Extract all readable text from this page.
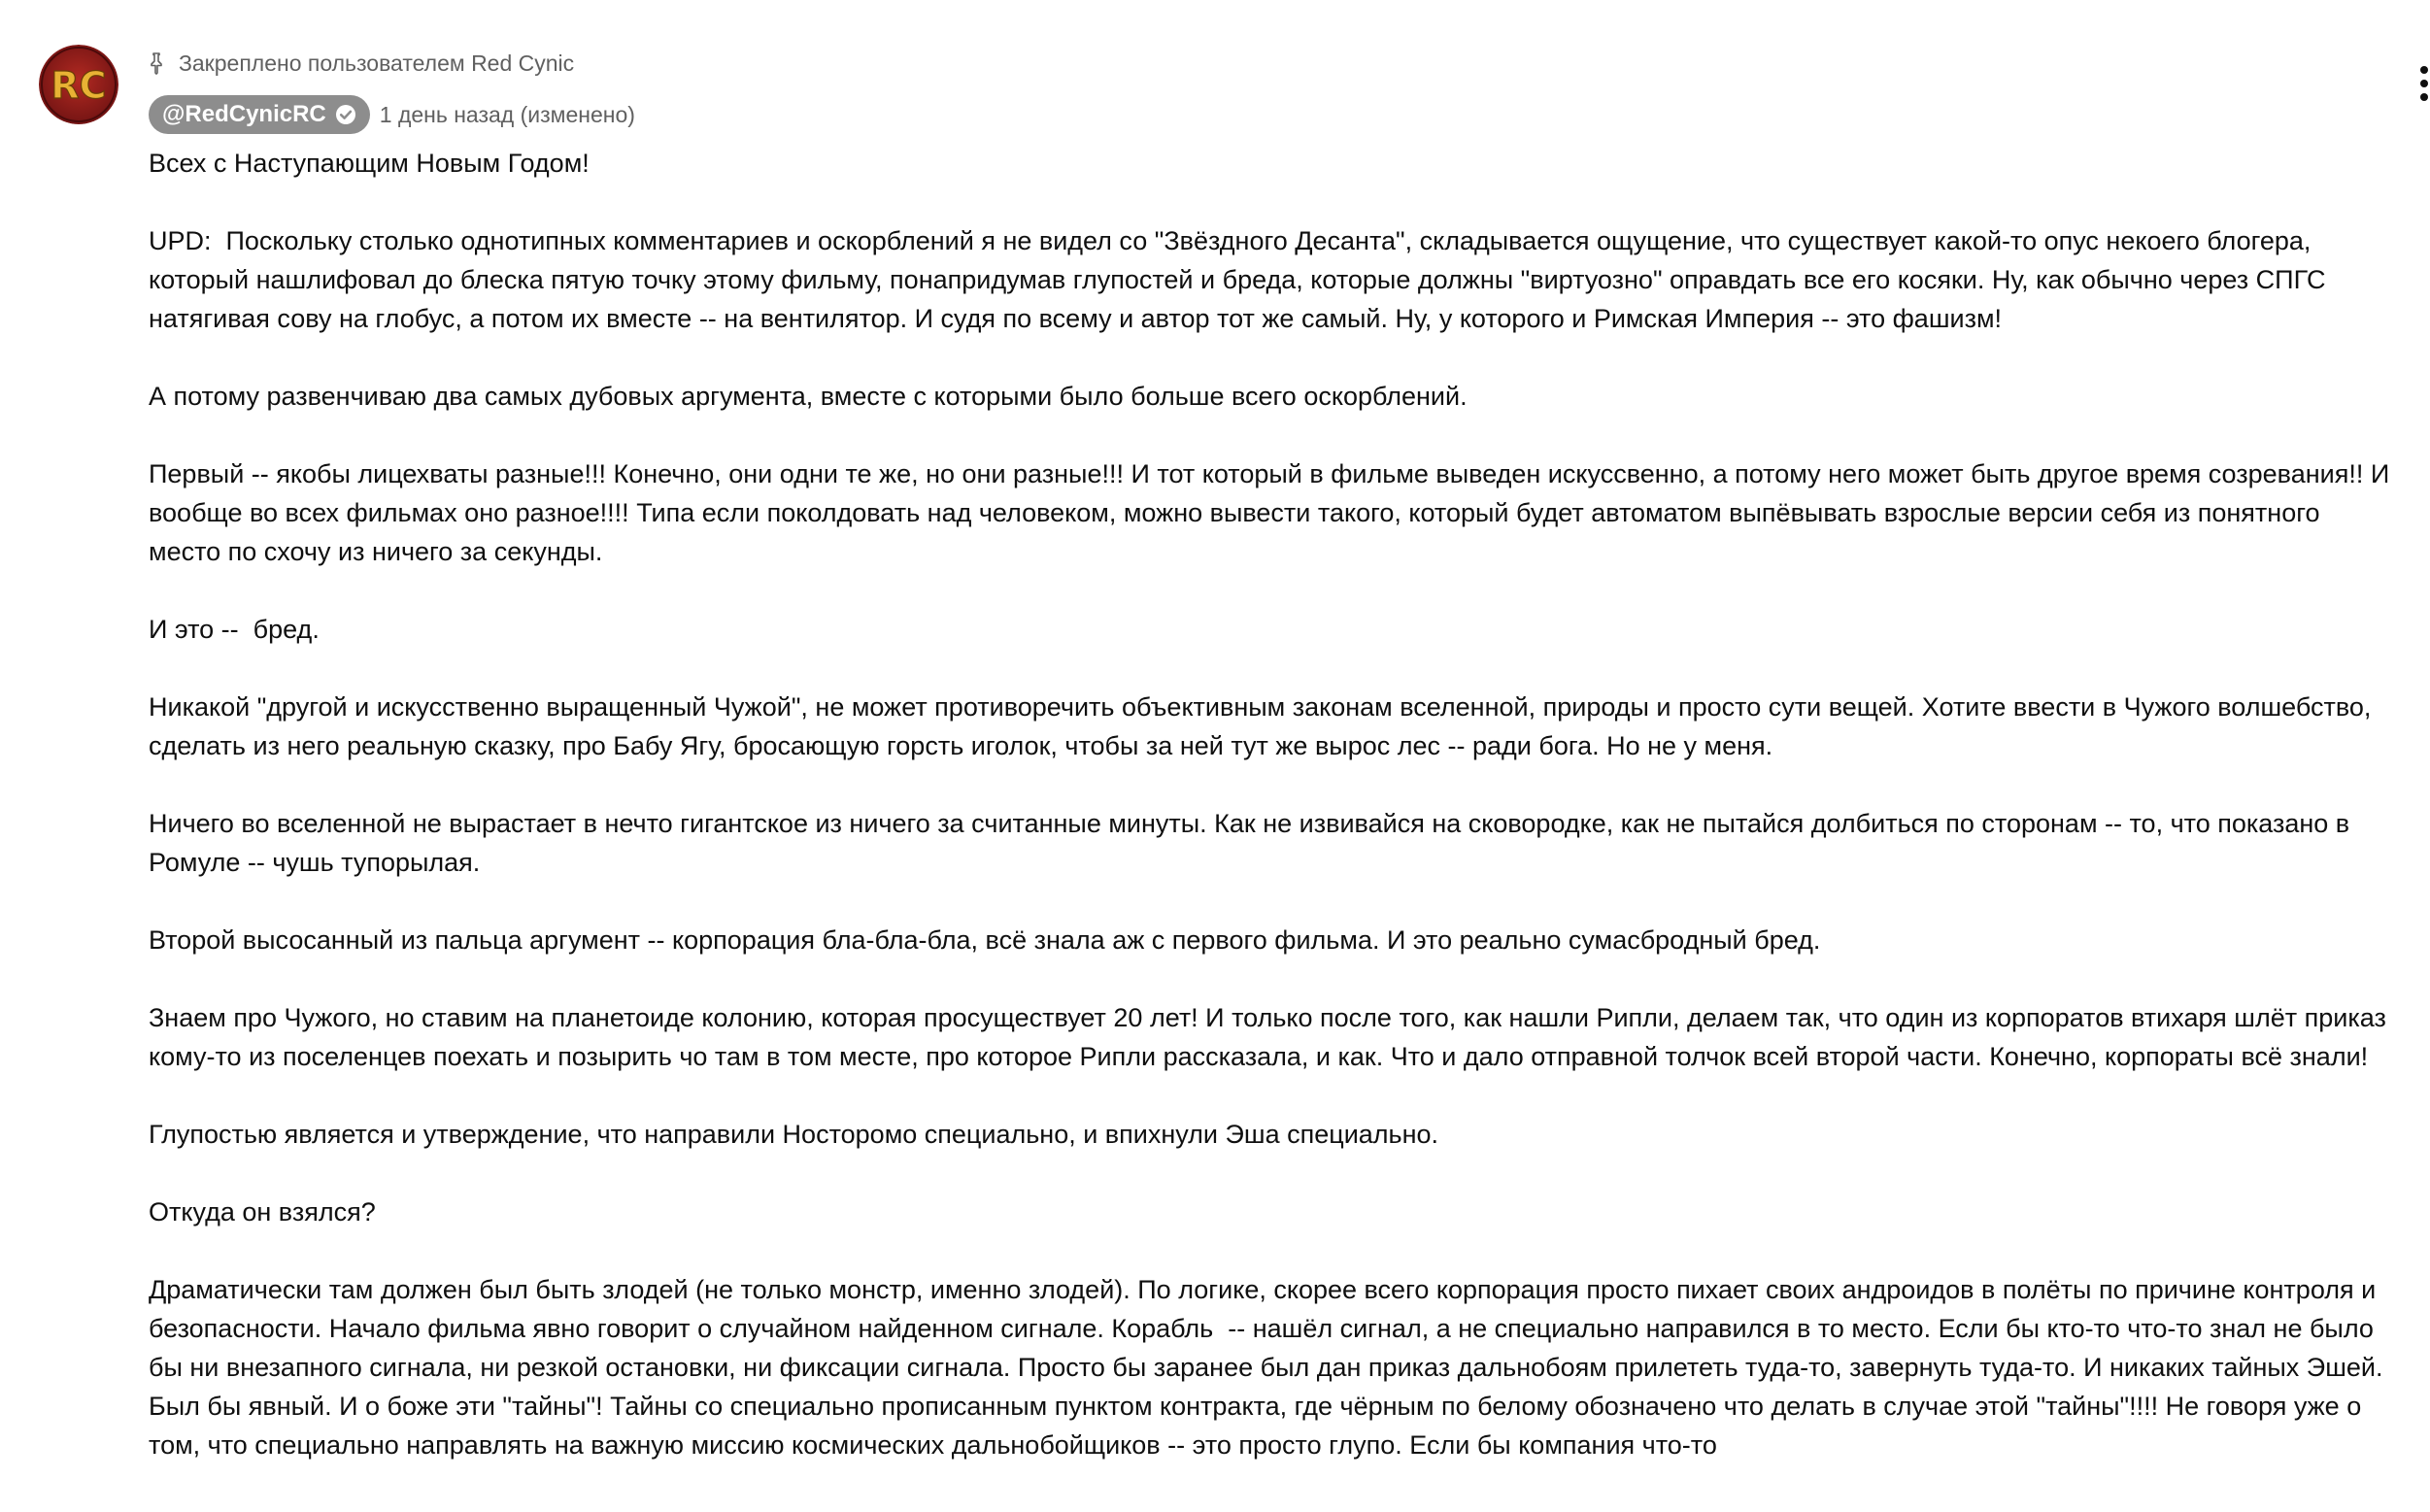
RC
Закреплено пользователем Red Cynic
@RedCynicRC 1 день назад (изменено)

Всех с Наступающим Новым Годом!

UPD:  Поскольку столько однотипных комментариев и оскорблений я не видел со "Звёздного Десанта", складывается ощущение, что существует какой-то опус некоего блогера, который нашлифовал до блеска пятую точку этому фильму, понапридумав глупостей и бреда, которые должны "виртуозно" оправдать все его косяки. Ну, как обычно через СПГС натягивая сову на глобус, а потом их вместе -- на вентилятор. И судя по всему и автор тот же самый. Ну, у которого и Римская Империя -- это фашизм!

А потому развенчиваю два самых дубовых аргумента, вместе с которыми было больше всего оскорблений.

Первый -- якобы лицехваты разные!!! Конечно, они одни те же, но они разные!!! И тот который в фильме выведен искуссвенно, а потому него может быть другое время созревания!! И вообще во всех фильмах оно разное!!!! Типа если поколдовать над человеком, можно вывести такого, который будет автоматом выпёвывать взрослые версии себя из понятного место по схочу из ничего за секунды.

И это --  бред.

Никакой "другой и искусственно выращенный Чужой", не может противоречить объективным законам вселенной, природы и просто сути вещей. Хотите ввести в Чужого волшебство, сделать из него реальную сказку, про Бабу Ягу, бросающую горсть иголок, чтобы за ней тут же вырос лес -- ради бога. Но не у меня.

Ничего во вселенной не вырастает в нечто гигантское из ничего за считанные минуты. Как не извивайся на сковородке, как не пытайся долбиться по сторонам -- то, что показано в Ромуле -- чушь тупорылая.

Второй высосанный из пальца аргумент -- корпорация бла-бла-бла, всё знала аж с первого фильма. И это реально сумасбродный бред.

Знаем про Чужого, но ставим на планетоиде колонию, которая просуществует 20 лет! И только после того, как нашли Рипли, делаем так, что один из корпоратов втихаря шлёт приказ кому-то из поселенцев поехать и позырить чо там в том месте, про которое Рипли рассказала, и как. Что и дало отправной толчок всей второй части. Конечно, корпораты всё знали!

Глупостью является и утверждение, что направили Носторомо специально, и впихнули Эша специально.

Откуда он взялся?

Драматически там должен был быть злодей (не только монстр, именно злодей). По логике, скорее всего корпорация просто пихает своих андроидов в полёты по причине контроля и безопасности. Начало фильма явно говорит о случайном найденном сигнале. Корабль  -- нашёл сигнал, а не специально направился в то место. Если бы кто-то что-то знал не было бы ни внезапного сигнала, ни резкой остановки, ни фиксации сигнала. Просто бы заранее был дан приказ дальнобоям прилететь туда-то, завернуть туда-то. И никаких тайных Эшей. Был бы явный. И о боже эти "тайны"! Тайны со специально прописанным пунктом контракта, где чёрным по белому обозначено что делать в случае этой "тайны"!!!! Не говоря уже о том, что специально направлять на важную миссию космических дальнобойщиков -- это просто глупо. Если бы компания что-то
